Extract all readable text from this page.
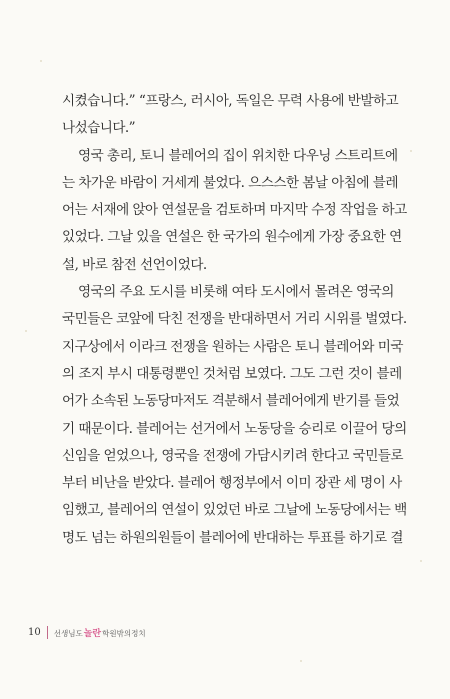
시켰습니다.” “프랑스, 러시아, 독일은 무력 사용에 반발하고
나섰습니다.”
영국 총리, 토니 블레어의 집이 위치한 다우닝 스트리트에
는 차가운 바람이 거세게 불었다. 으스스한 봄날 아침에 블레
어는 서재에 앉아 연설문을 검토하며 마지막 수정 작업을 하고
있었다. 그날 있을 연설은 한 국가의 원수에게 가장 중요한 연
설, 바로 참전 선언이었다.
영국의 주요 도시를 비롯해 여타 도시에서 몰려온 영국의
국민들은 코앞에 닥친 전쟁을 반대하면서 거리 시위를 벌였다.
지구상에서 이라크 전쟁을 원하는 사람은 토니 블레어와 미국
의 조지 부시 대통령뿐인 것처럼 보였다. 그도 그런 것이 블레
어가 소속된 노동당마저도 격분해서 블레어에게 반기를 들었
기 때문이다. 블레어는 선거에서 노동당을 승리로 이끌어 당의
신임을 얻었으나, 영국을 전쟁에 가담시키려 한다고 국민들로
부터 비난을 받았다. 블레어 행정부에서 이미 장관 세 명이 사
임했고, 블레어의 연설이 있었던 바로 그날에 노동당에서는 백
명도 넘는 하원의원들이 블레어에 반대하는 투표를 하기로 결
10 선생님도 놀란 학원밖의정치
